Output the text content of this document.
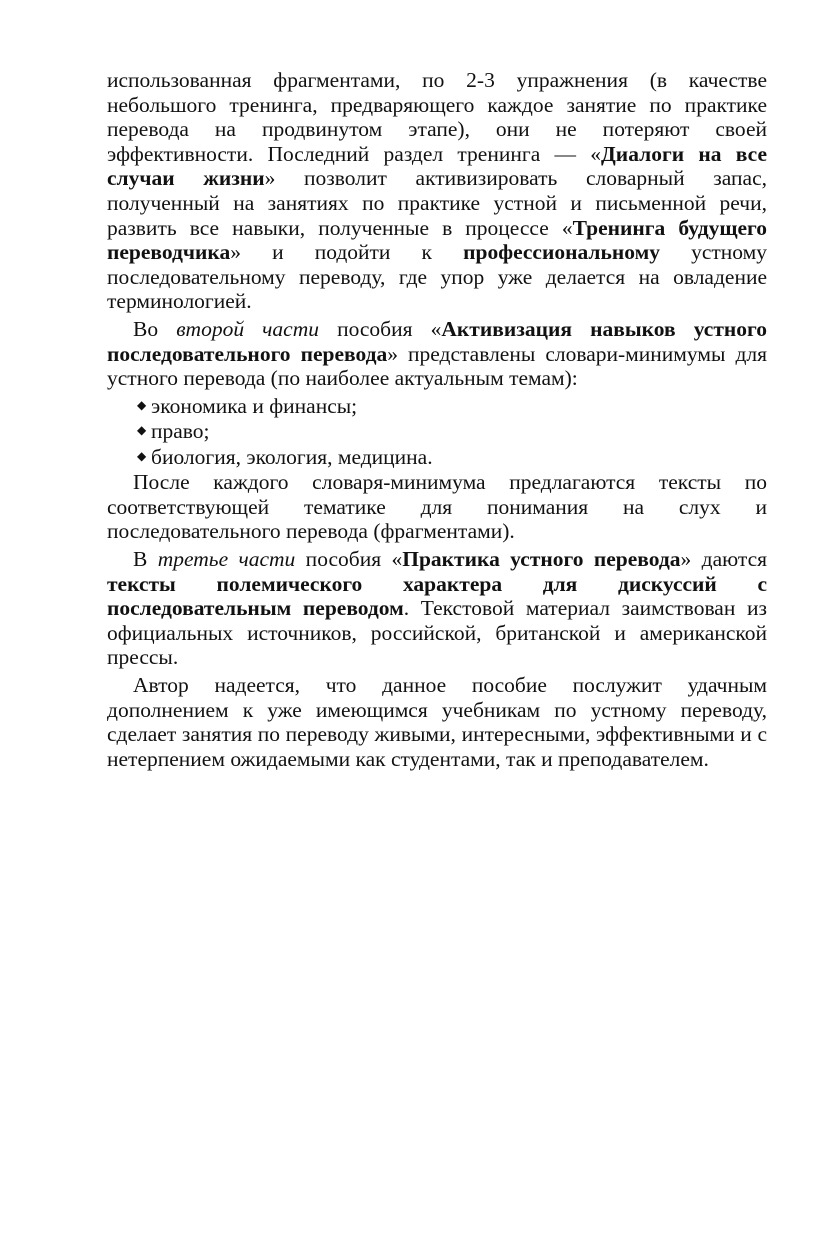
использованная фрагментами, по 2-3 упражнения (в качестве небольшого тренинга, предваряющего каждое занятие по практике перевода на продвинутом этапе), они не потеряют своей эффективности. Последний раздел тренинга — «Диалоги на все случаи жизни» позволит активизировать словарный запас, полученный на занятиях по практике устной и письменной речи, развить все навыки, полученные в процессе «Тренинга будущего переводчика» и подойти к профессиональному устному последовательному переводу, где упор уже делается на овладение терминологией.

Во второй части пособия «Активизация навыков устного последовательного перевода» представлены словари-минимумы для устного перевода (по наиболее актуальным темам):

◆ экономика и финансы;
◆ право;
◆ биология, экология, медицина.

После каждого словаря-минимума предлагаются тексты по соответствующей тематике для понимания на слух и последовательного перевода (фрагментами).

В третье части пособия «Практика устного перевода» даются тексты полемического характера для дискуссий с последовательным переводом. Текстовой материал заимствован из официальных источников, российской, британской и американской прессы.

Автор надеется, что данное пособие послужит удачным дополнением к уже имеющимся учебникам по устному переводу, сделает занятия по переводу живыми, интересными, эффективными и с нетерпением ожидаемыми как студентами, так и преподавателем.
